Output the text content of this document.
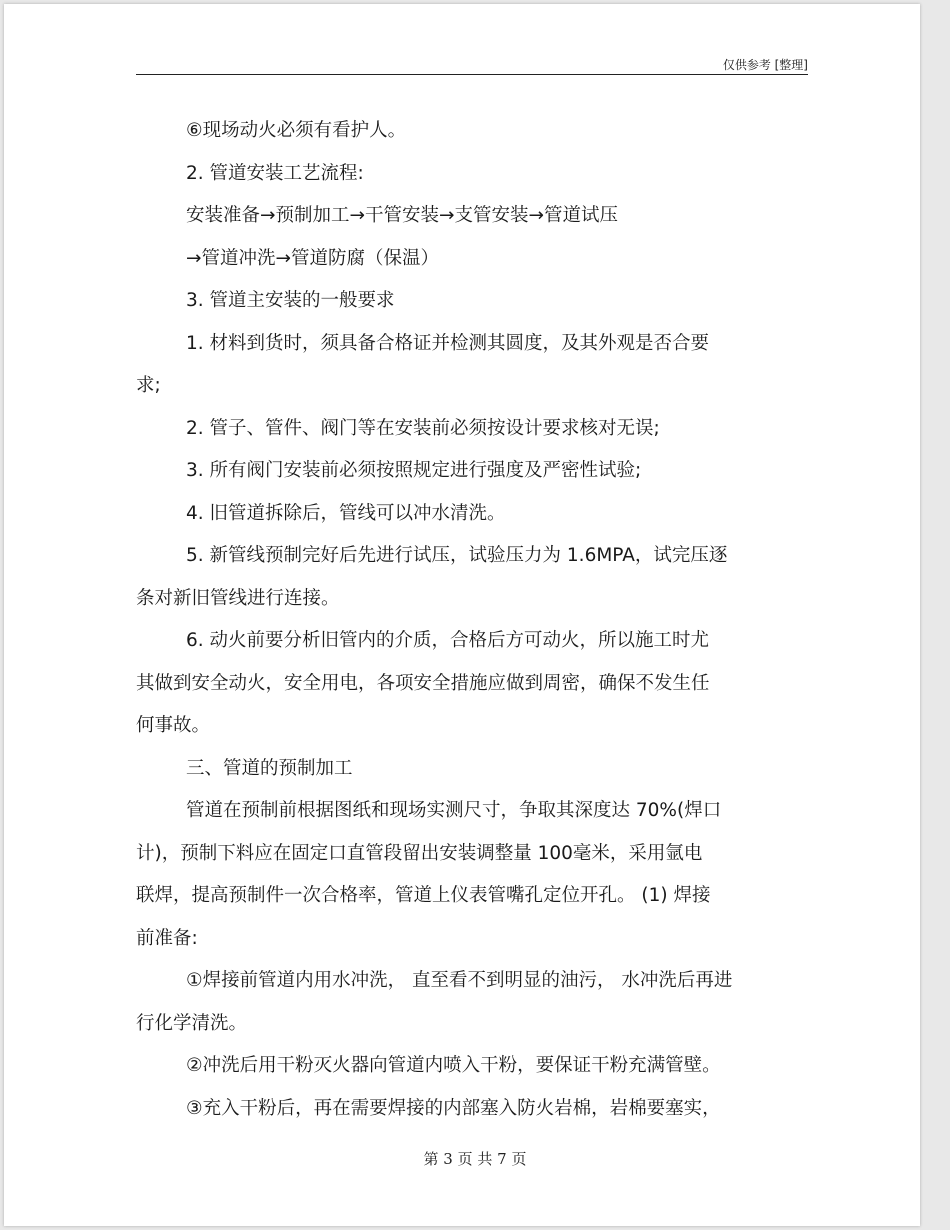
仅供参考 [整理]
⑥现场动火必须有看护人。
2. 管道安装工艺流程:
安装准备→预制加工→干管安装→支管安装→管道试压
→管道冲洗→管道防腐（保温）
3. 管道主安装的一般要求
1. 材料到货时，须具备合格证并检测其圆度，及其外观是否合要
求;
2. 管子、管件、阀门等在安装前必须按设计要求核对无误;
3. 所有阀门安装前必须按照规定进行强度及严密性试验;
4. 旧管道拆除后，管线可以冲水清洗。
5. 新管线预制完好后先进行试压，试验压力为 1.6MPA，试完压逐
条对新旧管线进行连接。
6. 动火前要分析旧管内的介质，合格后方可动火，所以施工时尤
其做到安全动火，安全用电，各项安全措施应做到周密，确保不发生任
何事故。
三、管道的预制加工
管道在预制前根据图纸和现场实测尺寸，争取其深度达 70%(焊口
计)，预制下料应在固定口直管段留出安装调整量 100毫米，采用氩电
联焊，提高预制件一次合格率，管道上仪表管嘴孔定位开孔。 (1) 焊接
前准备:
①焊接前管道内用水冲洗， 直至看不到明显的油污， 水冲洗后再进
行化学清洗。
②冲洗后用干粉灭火器向管道内喷入干粉，要保证干粉充满管壁。
③充入干粉后，再在需要焊接的内部塞入防火岩棉，岩棉要塞实，
第 3 页 共 7 页
